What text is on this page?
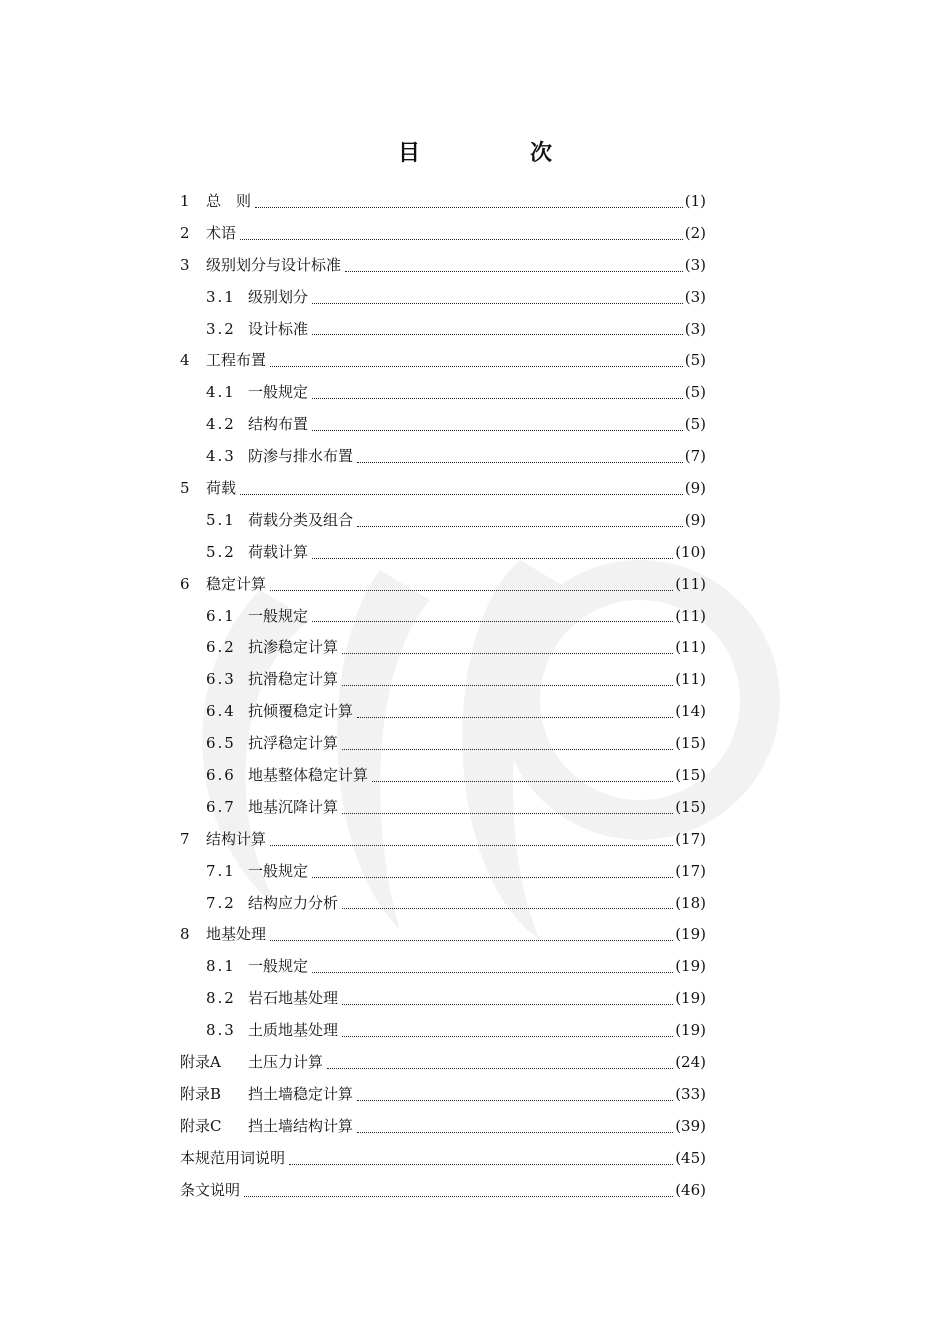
目　次
1	总　则	(1)
2	术语	(2)
3	级别划分与设计标准	(3)
3.1 级别划分	(3)
3.2 设计标准	(3)
4	工程布置	(5)
4.1 一般规定	(5)
4.2 结构布置	(5)
4.3 防渗与排水布置	(7)
5	荷载	(9)
5.1 荷载分类及组合	(9)
5.2 荷载计算	(10)
6	稳定计算	(11)
6.1 一般规定	(11)
6.2 抗渗稳定计算	(11)
6.3 抗滑稳定计算	(11)
6.4 抗倾覆稳定计算	(14)
6.5 抗浮稳定计算	(15)
6.6 地基整体稳定计算	(15)
6.7 地基沉降计算	(15)
7	结构计算	(17)
7.1 一般规定	(17)
7.2 结构应力分析	(18)
8	地基处理	(19)
8.1 一般规定	(19)
8.2 岩石地基处理	(19)
8.3 土质地基处理	(19)
附录A	土压力计算	(24)
附录B	挡土墙稳定计算	(33)
附录C	挡土墙结构计算	(39)
本规范用词说明	(45)
条文说明	(46)
